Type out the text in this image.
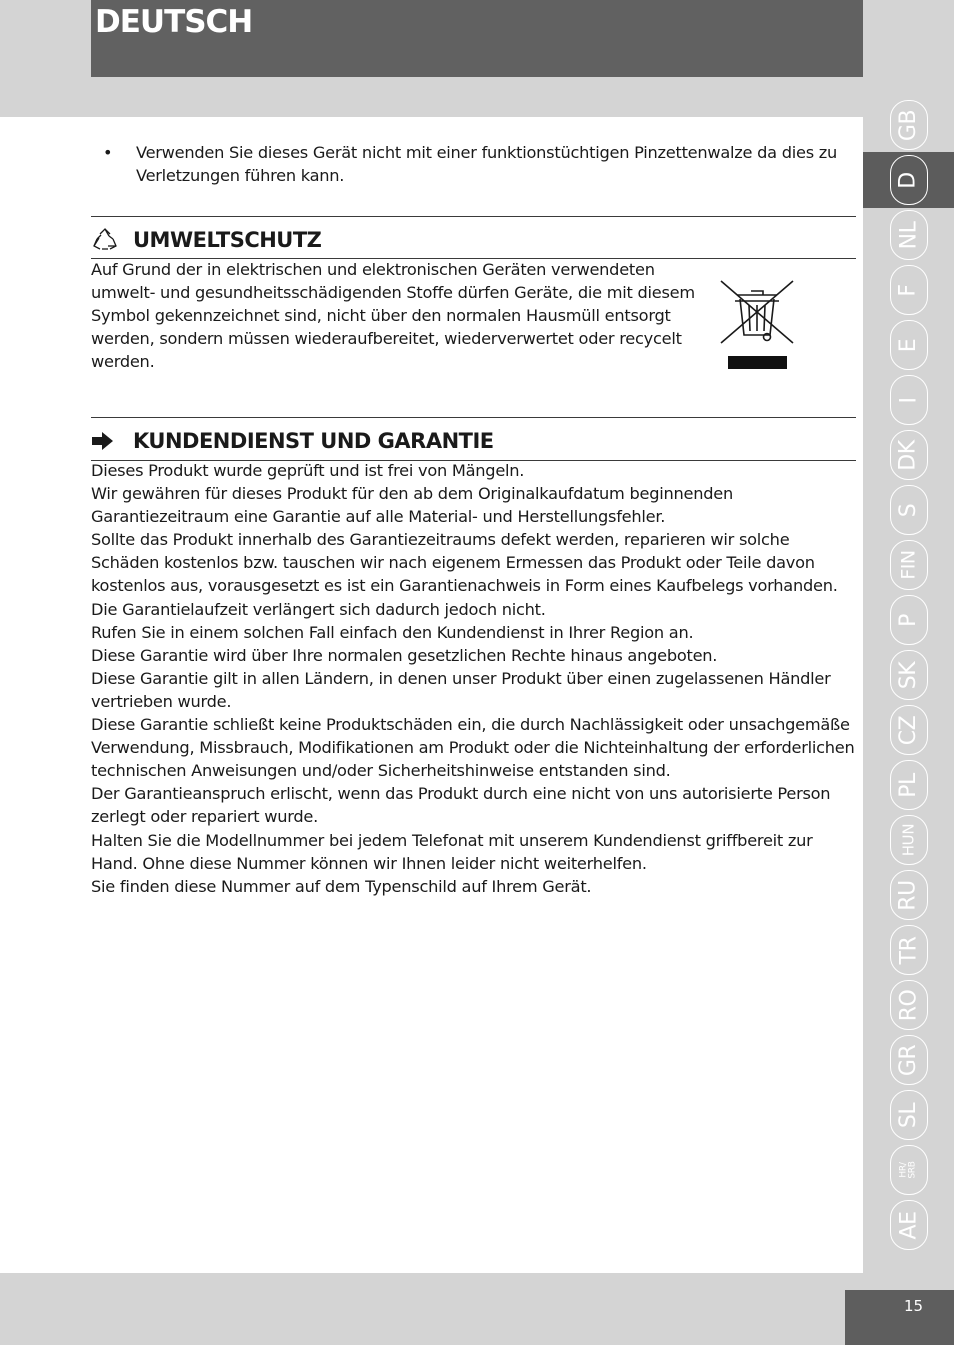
DEUTSCH
• Verwenden Sie dieses Gerät nicht mit einer funktionstüchtigen Pinzettenwalze da dies zu Verletzungen führen kann.
UMWELTSCHUTZ
Auf Grund der in elektrischen und elektronischen Geräten verwendeten umwelt- und gesundheitsschädigenden Stoffe dürfen Geräte, die mit diesem Symbol gekennzeichnet sind, nicht über den normalen Hausmüll entsorgt werden, sondern müssen wiederaufbereitet, wiederverwertet oder recycelt werden.
KUNDENDIENST UND GARANTIE

Dieses Produkt wurde geprüft und ist frei von Mängeln.

Wir gewähren für dieses Produkt für den ab dem Originalkaufdatum beginnenden Garantiezeitraum eine Garantie auf alle Material- und Herstellungsfehler.

Sollte das Produkt innerhalb des Garantiezeitraums defekt werden, reparieren wir solche Schäden kostenlos bzw. tauschen wir nach eigenem Ermessen das Produkt oder Teile davon kostenlos aus, vorausgesetzt es ist ein Garantienachweis in Form eines Kaufbelegs vorhanden.

Die Garantielaufzeit verlängert sich dadurch jedoch nicht.

Rufen Sie in einem solchen Fall einfach den Kundendienst in Ihrer Region an.

Diese Garantie wird über Ihre normalen gesetzlichen Rechte hinaus angeboten.

Diese Garantie gilt in allen Ländern, in denen unser Produkt über einen zugelassenen Händler vertrieben wurde.

Diese Garantie schließt keine Produktschäden ein, die durch Nachlässigkeit oder unsachgemäße Verwendung, Missbrauch, Modifikationen am Produkt oder die Nichteinhaltung der erforderlichen technischen Anweisungen und/oder Sicherheitshinweise entstanden sind.

Der Garantieanspruch erlischt, wenn das Produkt durch eine nicht von uns autorisierte Person zerlegt oder repariert wurde.

Halten Sie die Modellnummer bei jedem Telefonat mit unserem Kundendienst griffbereit zur Hand. Ohne diese Nummer können wir Ihnen leider nicht weiterhelfen.

Sie finden diese Nummer auf dem Typenschild auf Ihrem Gerät.

GB
D
NL
F
E
I
DK
S
FIN
P
SK
CZ
PL
HUN
RU
TR
RO
GR
SL
HR/
SRB
AE
15
